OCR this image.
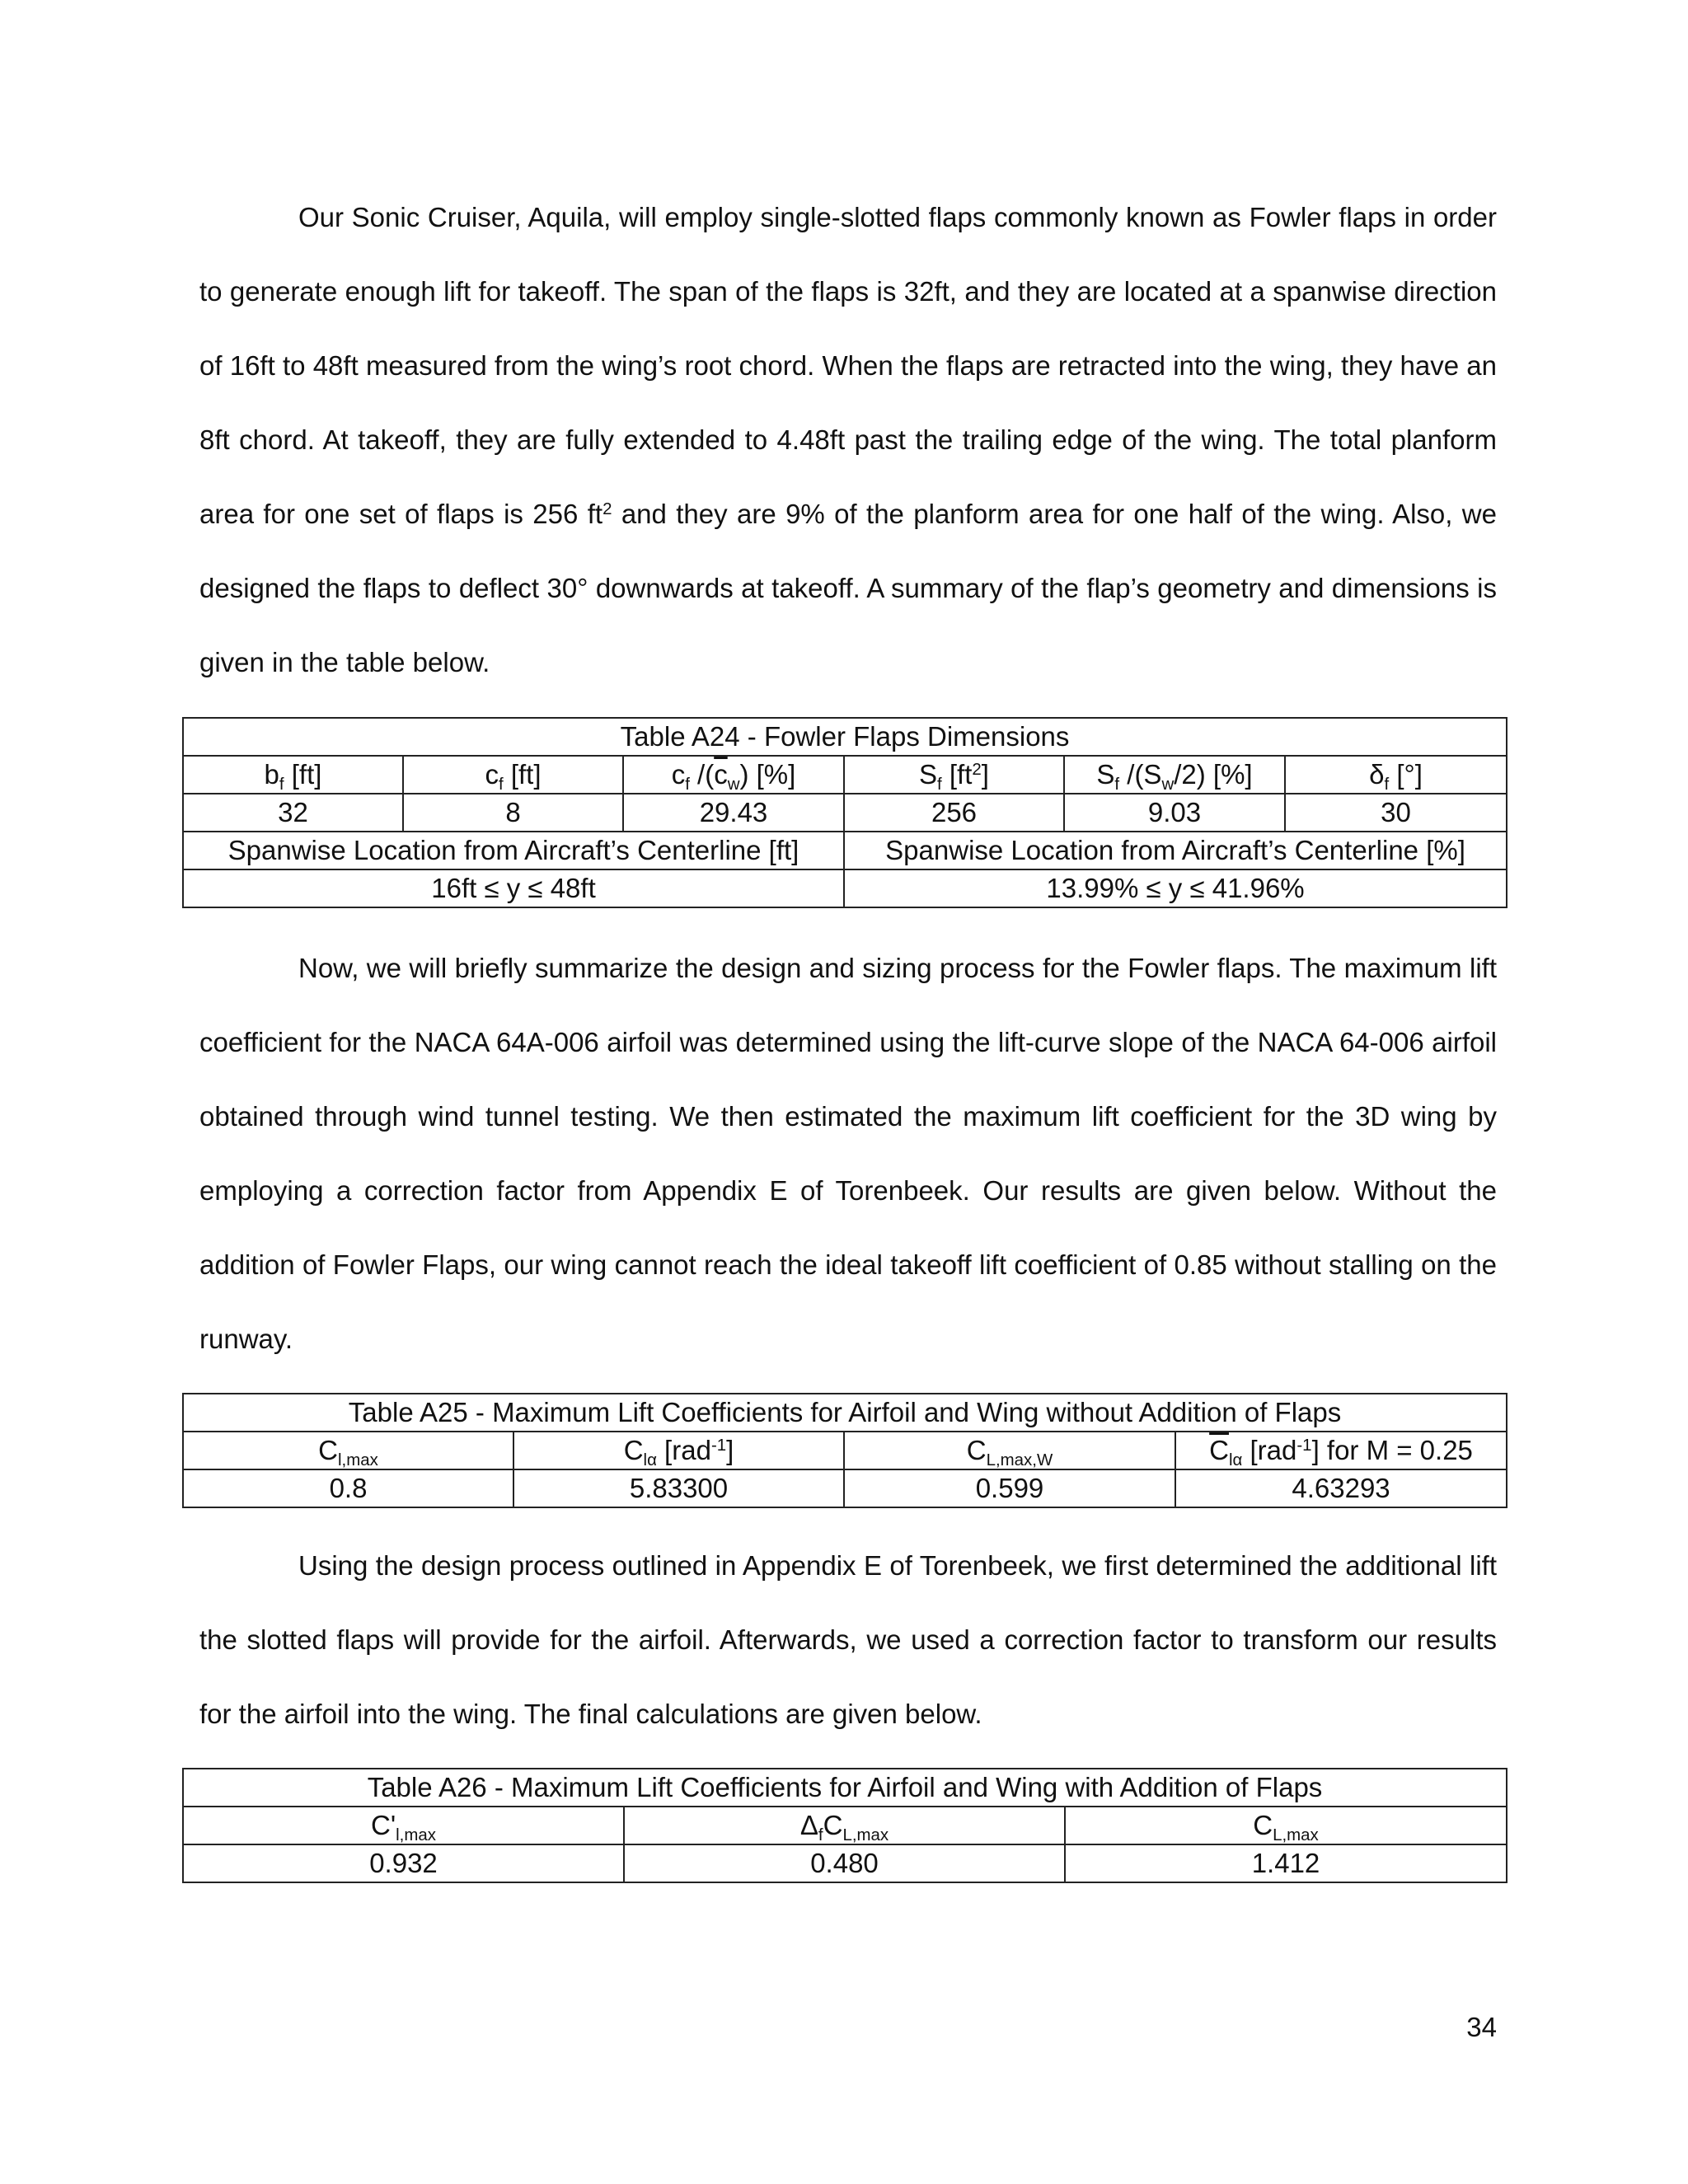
Our Sonic Cruiser, Aquila, will employ single-slotted flaps commonly known as Fowler flaps in order to generate enough lift for takeoff. The span of the flaps is 32ft, and they are located at a spanwise direction of 16ft to 48ft measured from the wing’s root chord. When the flaps are retracted into the wing, they have an 8ft chord. At takeoff, they are fully extended to 4.48ft past the trailing edge of the wing. The total planform area for one set of flaps is 256 $ft^2$ and they are 9% of the planform area for one half of the wing. Also, we designed the flaps to deflect 30° downwards at takeoff. A summary of the flap’s geometry and dimensions is given in the table below.
Table A24 - Fowler Flaps Dimensions					
$b_f$ [ft]	$c_f$ [ft]	$c_f$ $/(\overline{c}_w)$ [%]	$S_f$ $[ft^2]$	$S_f$ $/(S_w/2)$ [%]	$\delta_f$ [°]
32	8	29.43	256	9.03	30
Spanwise Location from Aircraft’s Centerline [ft]			Spanwise Location from Aircraft’s Centerline [%]		
16ft ≤ y ≤ 48ft			13.99% ≤ y ≤ 41.96%		
Now, we will briefly summarize the design and sizing process for the Fowler flaps. The maximum lift coefficient for the NACA 64A-006 airfoil was determined using the lift-curve slope of the NACA 64-006 airfoil obtained through wind tunnel testing. We then estimated the maximum lift coefficient for the 3D wing by employing a correction factor from Appendix E of Torenbeek. Our results are given below. Without the addition of Fowler Flaps, our wing cannot reach the ideal takeoff lift coefficient of 0.85 without stalling on the runway.
Table A25 - Maximum Lift Coefficients for Airfoil and Wing without Addition of Flaps			
$C_{l,max}$	$C_{l\alpha}$ [rad$^{-1}$]	$C_{L,max,W}$	$\overline{C}_{l\alpha}$ [rad$^{-1}$] for M = 0.25
0.8	5.83300	0.599	4.63293
Using the design process outlined in Appendix E of Torenbeek, we first determined the additional lift the slotted flaps will provide for the airfoil. Afterwards, we used a correction factor to transform our results for the airfoil into the wing. The final calculations are given below.
Table A26 - Maximum Lift Coefficients for Airfoil and Wing with Addition of Flaps		
$C'_{l,max}$	$\Delta_fC_{L,max}$	$C_{L,max}$
0.932	0.480	1.412
34
